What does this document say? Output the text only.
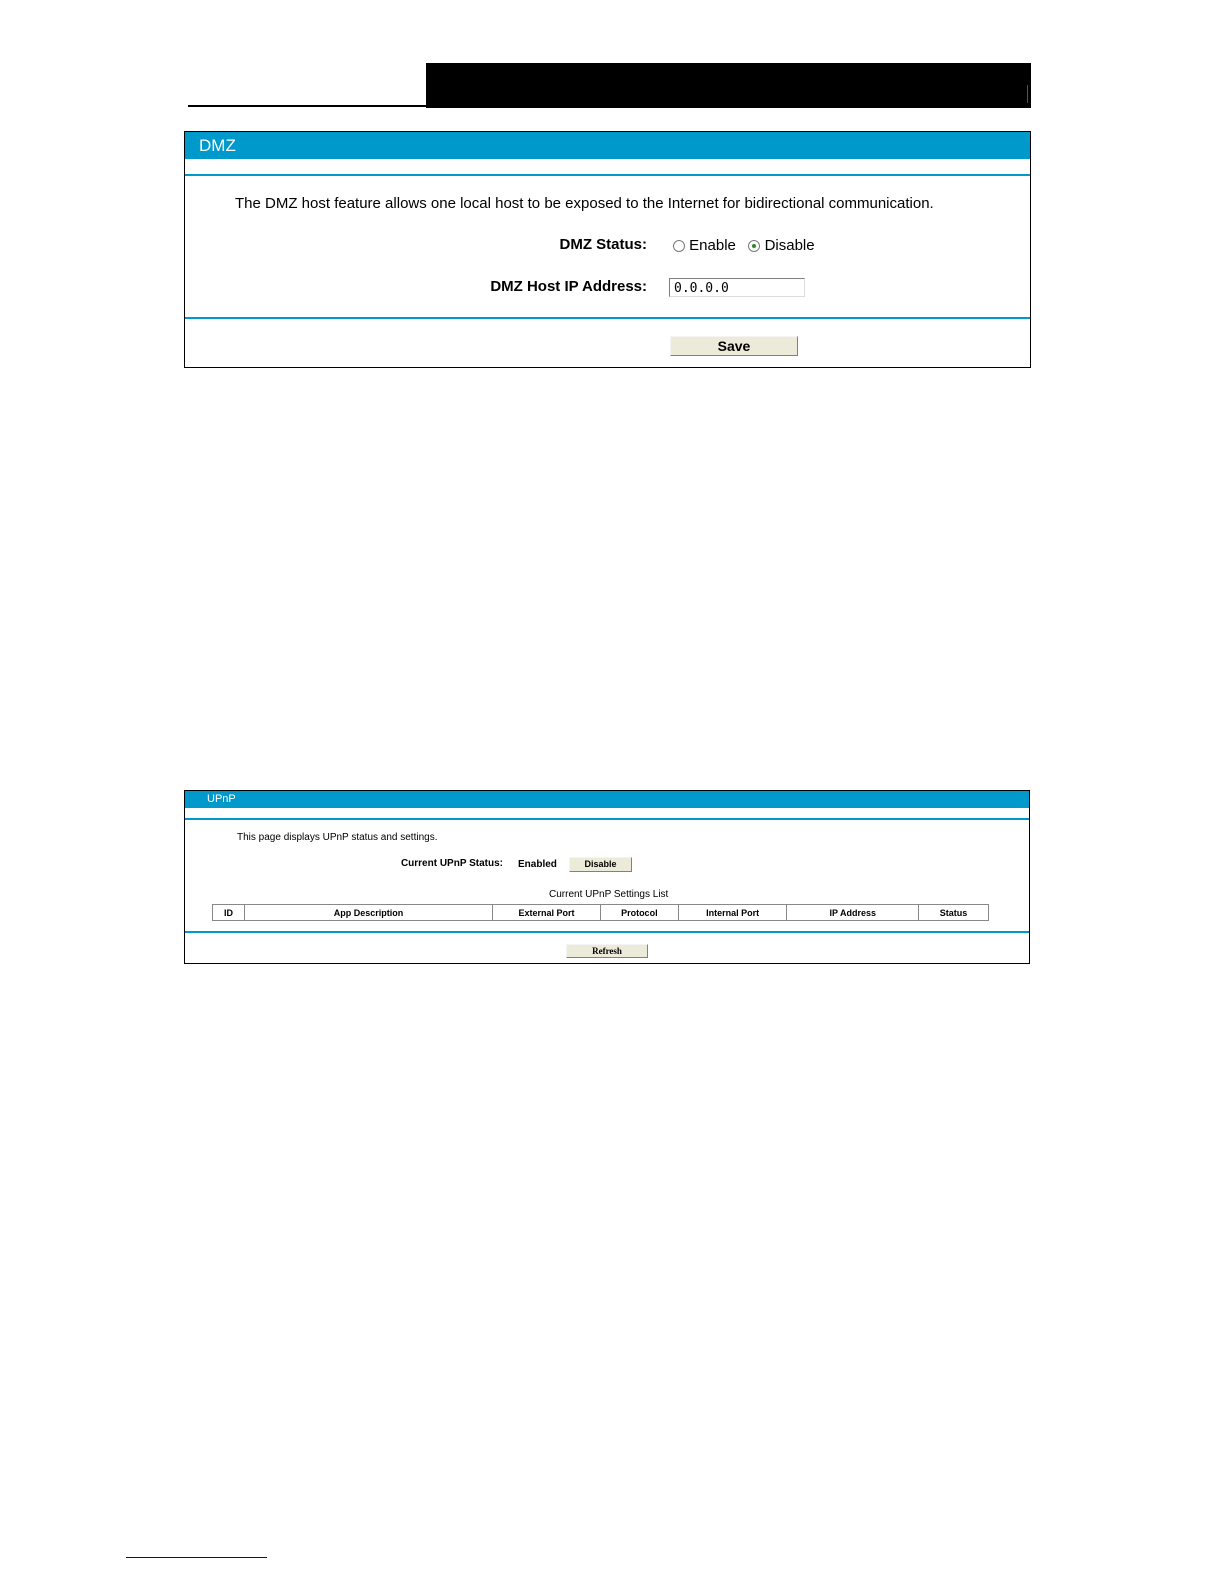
DMZ
The DMZ host feature allows one local host to be exposed to the Internet for bidirectional communication.
DMZ Status:	Enable Disable
DMZ Host IP Address:	0.0.0.0
Save
UPnP
This page displays UPnP status and settings.
Current UPnP Status: Enabled	Disable
Current UPnP Settings List
ID	App Description	External Port	Protocol	Internal Port	IP Address	Status
Refresh
